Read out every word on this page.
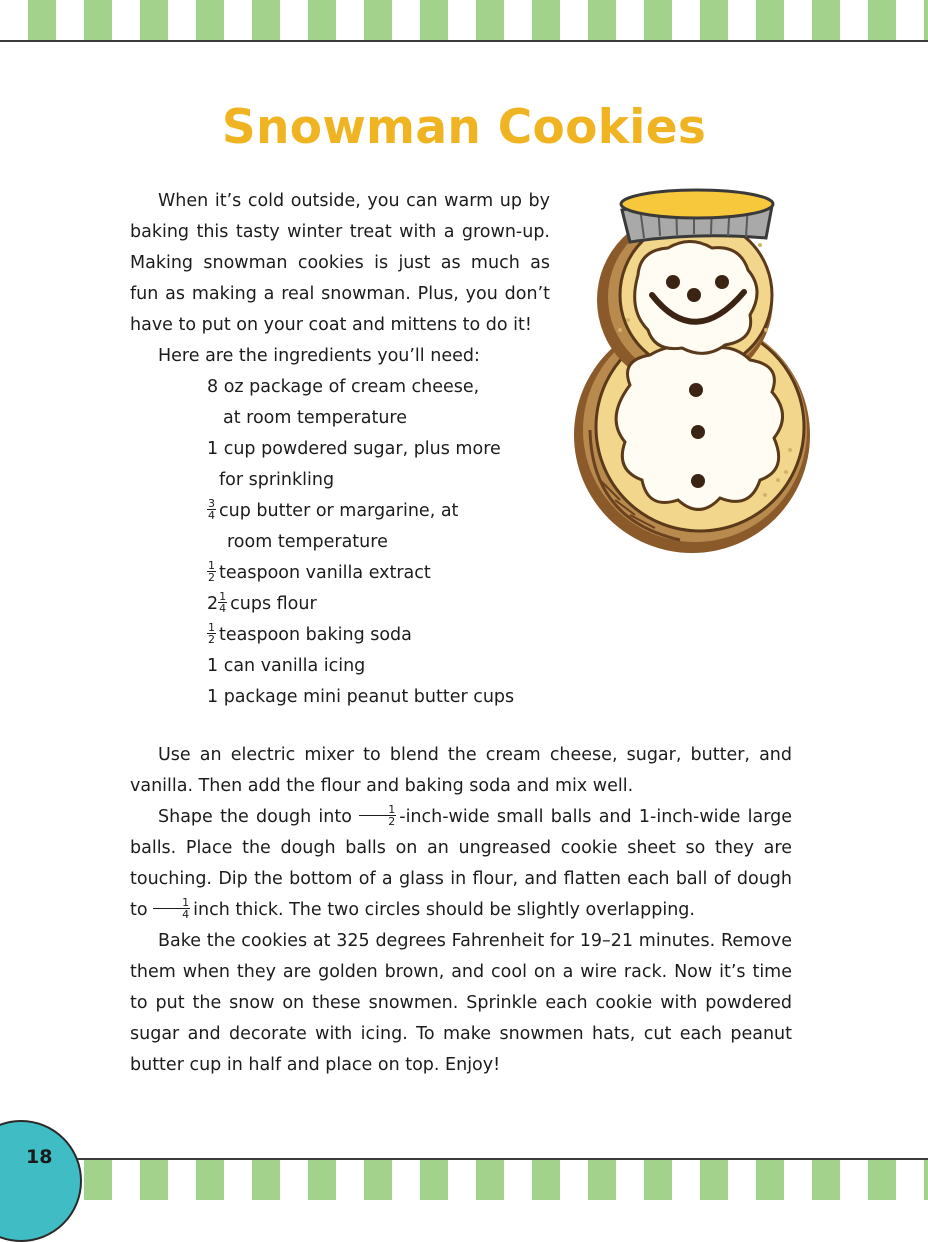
Snowman Cookies

When it’s cold outside, you can warm up by baking this tasty winter treat with a grown-up. Making snowman cookies is just as much as fun as making a real snowman. Plus, you don’t have to put on your coat and mittens to do it!

Here are the ingredients you’ll need:

8 oz package of cream cheese,
at room temperature
1 cup powdered sugar, plus more
for sprinkling
$\frac{3}{4}$ cup butter or margarine, at
room temperature
$\frac{1}{2}$ teaspoon vanilla extract
$2 \frac{1}{4}$ cups flour
$\frac{1}{2}$ teaspoon baking soda
1 can vanilla icing
1 package mini peanut butter cups

Use an electric mixer to blend the cream cheese, sugar, butter, and vanilla. Then add the flour and baking soda and mix well.

Shape the dough into $\frac{1}{2}$ -inch-wide small balls and 1-inch-wide large balls. Place the dough balls on an ungreased cookie sheet so they are touching. Dip the bottom of a glass in flour, and flatten each ball of dough to $\frac{1}{4}$ inch thick. The two circles should be slightly overlapping.

Bake the cookies at 325 degrees Fahrenheit for 19–21 minutes. Remove them when they are golden brown, and cool on a wire rack. Now it’s time to put the snow on these snowmen. Sprinkle each cookie with powdered sugar and decorate with icing. To make snowmen hats, cut each peanut butter cup in half and place on top. Enjoy!

18
